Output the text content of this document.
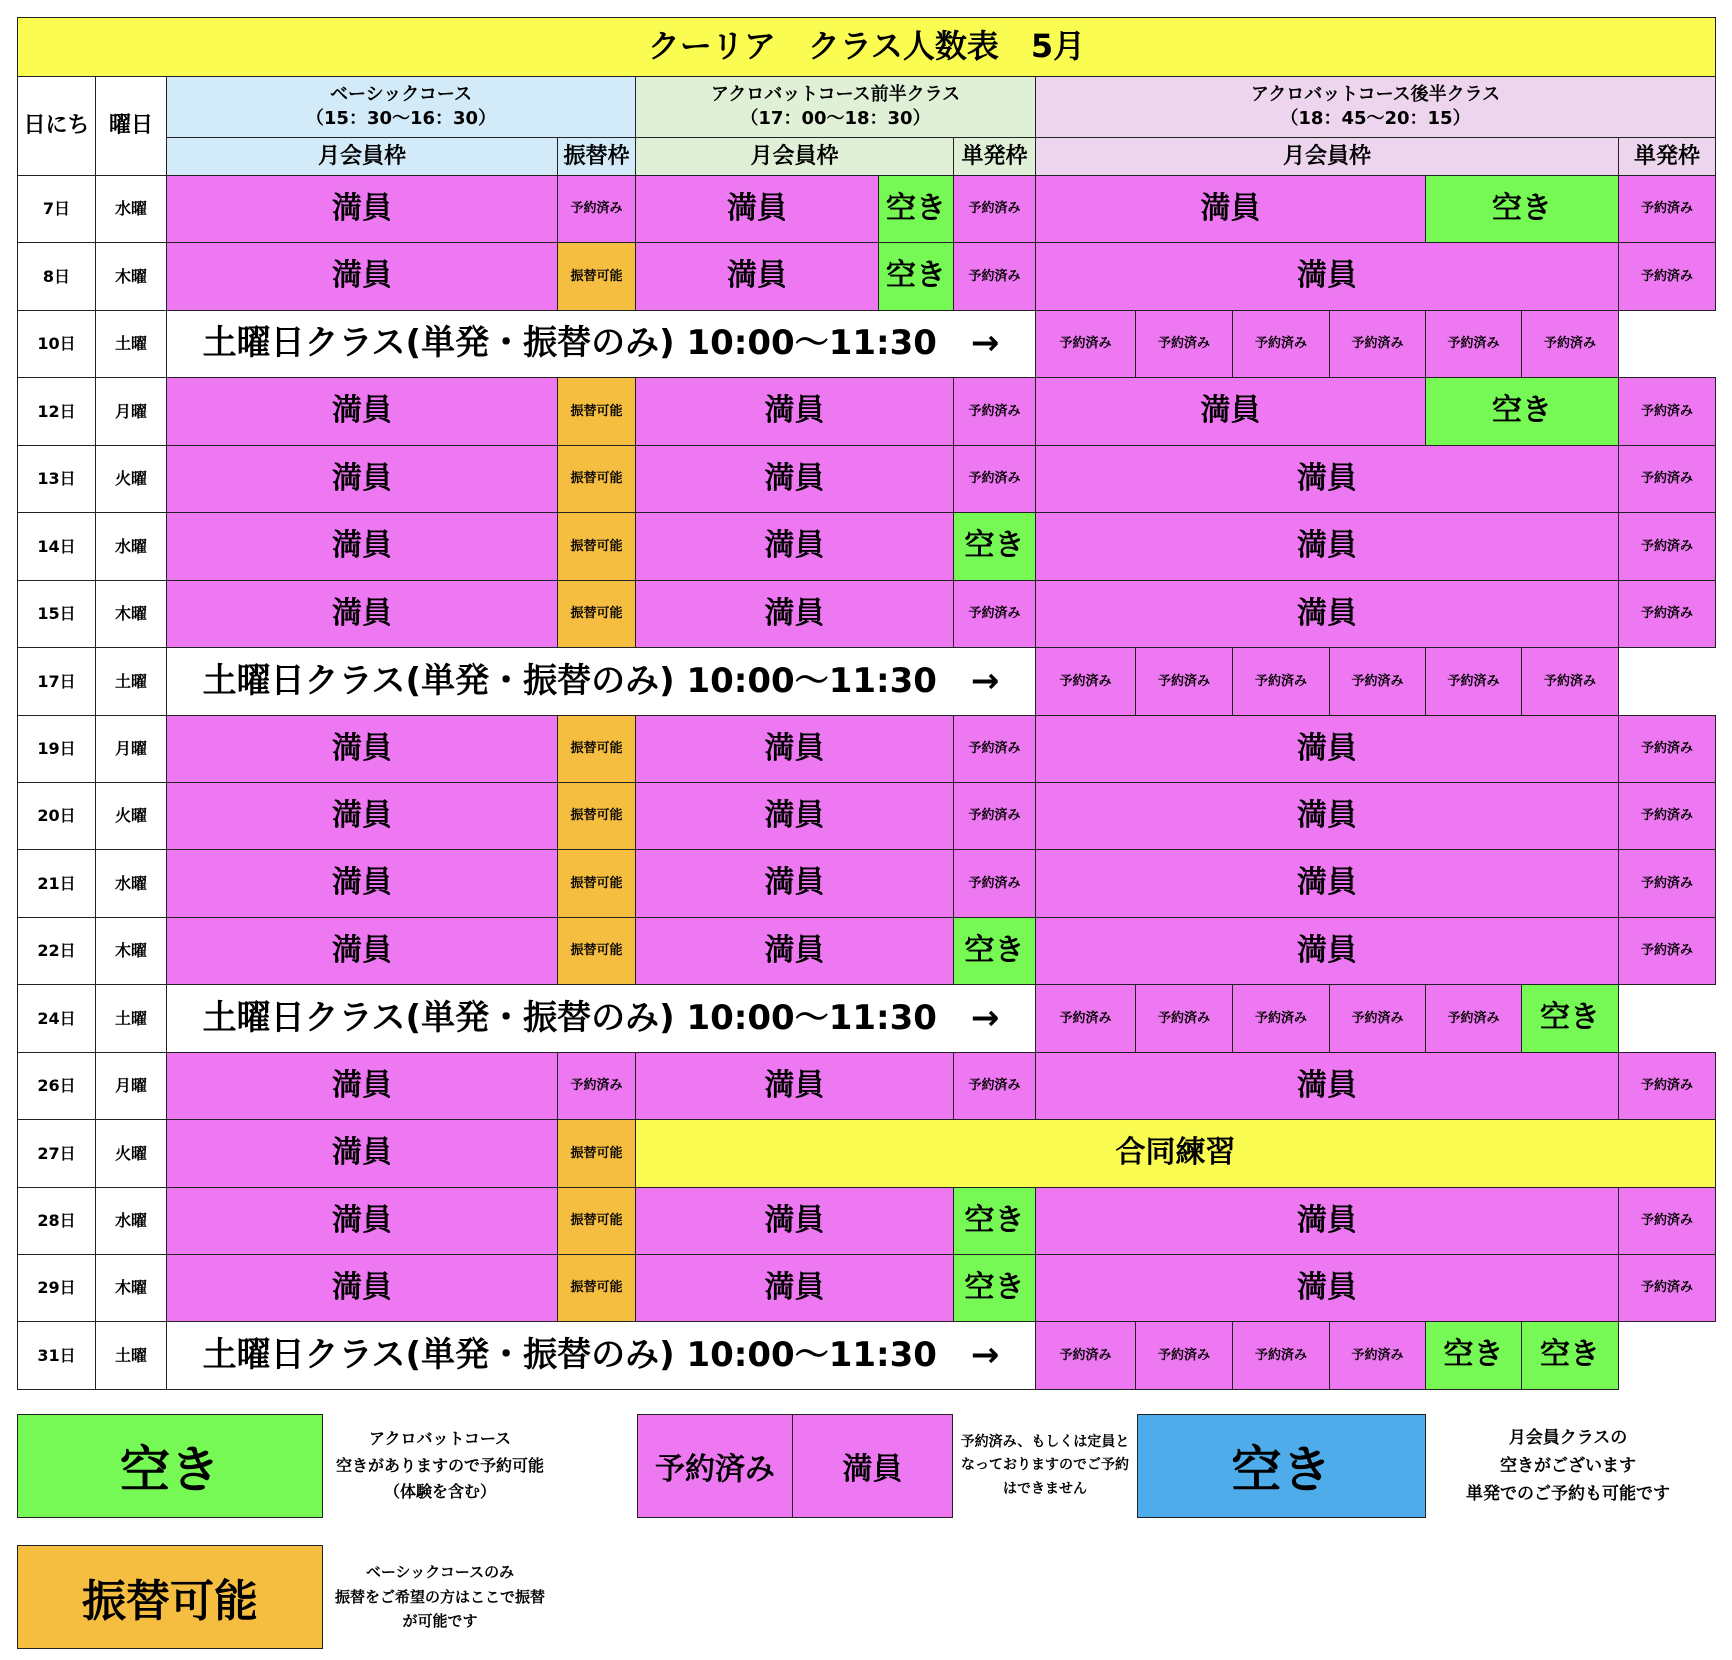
クーリア　クラス人数表　5月
日にち 曜日
ベーシックコース
（15：30〜16：30）
アクロバットコース前半クラス
（17：00〜18：30）
アクロバットコース後半クラス
（18：45〜20：15）
月会員枠	振替枠	月会員枠	単発枠	月会員枠	単発枠
7日	水曜	満員	予約済み	満員	空き	予約済み	満員	空き	予約済み
8日	木曜	満員	振替可能	満員	空き	予約済み	満員	予約済み
10日	土曜	土曜日クラス(単発・振替のみ) 10:00〜11:30　→	予約済み	予約済み	予約済み	予約済み	予約済み	予約済み
12日	月曜	満員	振替可能	満員	予約済み	満員	空き	予約済み
13日	火曜	満員	振替可能	満員	予約済み	満員	予約済み
14日	水曜	満員	振替可能	満員	空き	満員	予約済み
15日	木曜	満員	振替可能	満員	予約済み	満員	予約済み
17日	土曜	土曜日クラス(単発・振替のみ) 10:00〜11:30　→	予約済み	予約済み	予約済み	予約済み	予約済み	予約済み
19日	月曜	満員	振替可能	満員	予約済み	満員	予約済み
20日	火曜	満員	振替可能	満員	予約済み	満員	予約済み
21日	水曜	満員	振替可能	満員	予約済み	満員	予約済み
22日	木曜	満員	振替可能	満員	空き	満員	予約済み
24日	土曜	土曜日クラス(単発・振替のみ) 10:00〜11:30　→	予約済み	予約済み	予約済み	予約済み	予約済み	空き
26日	月曜	満員	予約済み	満員	予約済み	満員	予約済み
27日	火曜	満員	振替可能	合同練習
28日	水曜	満員	振替可能	満員	空き	満員	予約済み
29日	木曜	満員	振替可能	満員	空き	満員	予約済み
31日	土曜	土曜日クラス(単発・振替のみ) 10:00〜11:30　→	予約済み	予約済み	予約済み	予約済み	空き	空き
空き
アクロバットコース
空きがありますので予約可能
（体験を含む）
予約済み 満員
予約済み、もしくは定員と
なっておりますのでご予約
はできません	空き
月会員クラスの
空きがございます
単発でのご予約も可能です
振替可能
ベーシックコースのみ
振替をご希望の方はここで振替
が可能です
